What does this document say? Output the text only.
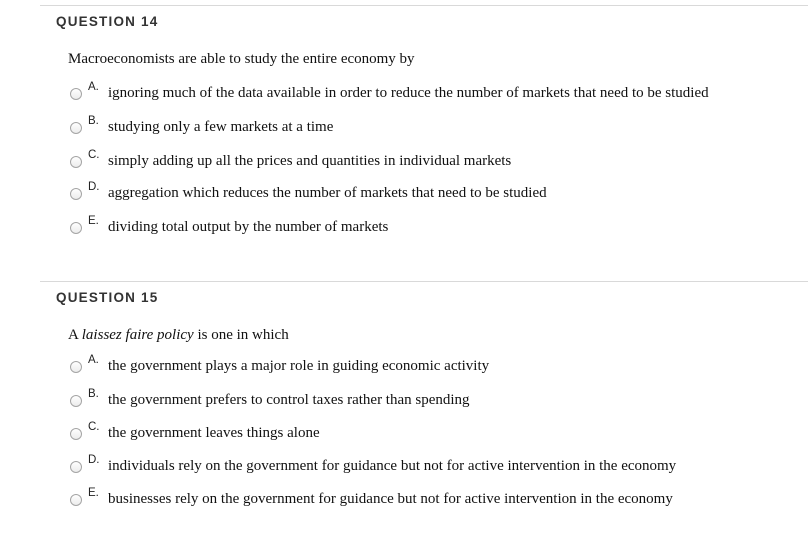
QUESTION 14
Macroeconomists are able to study the entire economy by
A. ignoring much of the data available in order to reduce the number of markets that need to be studied
B. studying only a few markets at a time
C. simply adding up all the prices and quantities in individual markets
D. aggregation which reduces the number of markets that need to be studied
E. dividing total output by the number of markets
QUESTION 15
A laissez faire policy is one in which
A. the government plays a major role in guiding economic activity
B. the government prefers to control taxes rather than spending
C. the government leaves things alone
D. individuals rely on the government for guidance but not for active intervention in the economy
E. businesses rely on the government for guidance but not for active intervention in the economy
